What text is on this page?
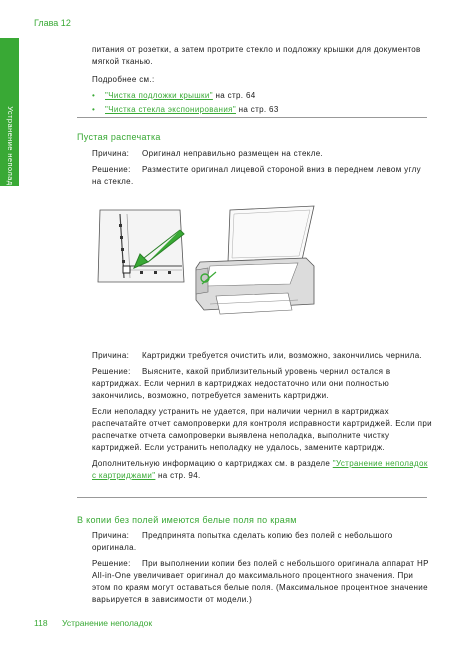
Глава 12
Устранение неполадок

питания от розетки, а затем протрите стекло и подложку крышки для документов мягкой тканью.

Подробнее см.:

• "Чистка подложки крышки" на стр. 64
• "Чистка стекла экспонирования" на стр. 63
Пустая распечатка

Причина: Оригинал неправильно размещен на стекле.

Решение: Разместите оригинал лицевой стороной вниз в переднем левом углу на стекле.

Причина: Картриджи требуется очистить или, возможно, закончились чернила.

Решение: Выясните, какой приблизительный уровень чернил остался в картриджах. Если чернил в картриджах недостаточно или они полностью закончились, возможно, потребуется заменить картриджи.

Если неполадку устранить не удается, при наличии чернил в картриджах распечатайте отчет самопроверки для контроля исправности картриджей. Если при распечатке отчета самопроверки выявлена неполадка, выполните чистку картриджей. Если устранить неполадку не удалось, замените картридж.

Дополнительную информацию о картриджах см. в разделе "Устранение неполадок с картриджами" на стр. 94.

В копии без полей имеются белые поля по краям

Причина: Предпринята попытка сделать копию без полей с небольшого оригинала.

Решение: При выполнении копии без полей с небольшого оригинала аппарат HP All-in-One увеличивает оригинал до максимального процентного значения. При этом по краям могут оставаться белые поля. (Максимальное процентное значение варьируется в зависимости от модели.)

118 Устранение неполадок
